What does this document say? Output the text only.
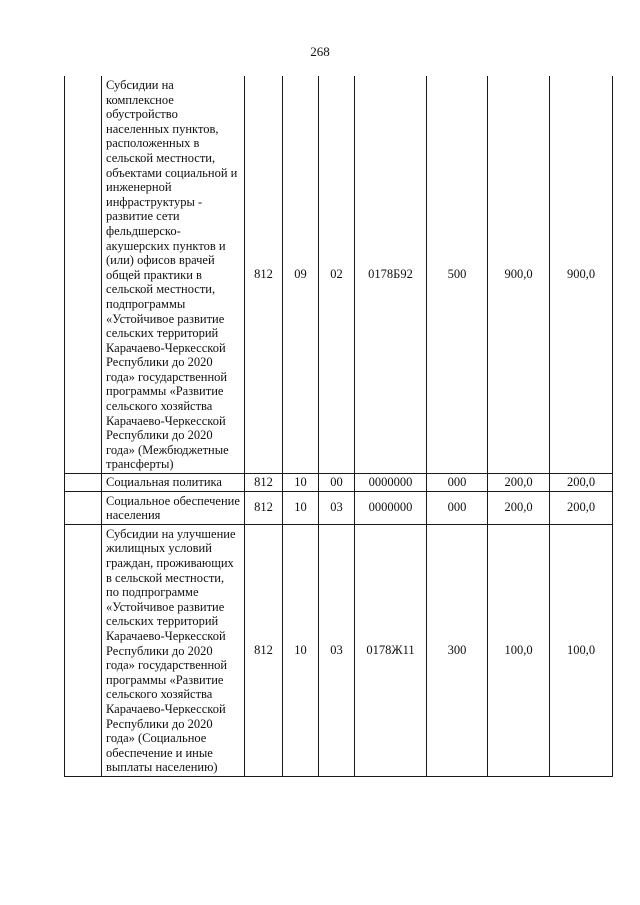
268
	Субсидии на комплексное обустройство населенных пунктов, расположенных в сельской местности, объектами социальной и инженерной инфраструктуры - развитие сети фельдшерско-акушерских пунктов и (или) офисов врачей общей практики в сельской местности, подпрограммы «Устойчивое развитие сельских территорий Карачаево-Черкесской Республики до 2020 года» государственной программы «Развитие сельского хозяйства Карачаево-Черкесской Республики до 2020 года» (Межбюджетные трансферты)	812	09	02	0178Б92	500	900,0	900,0
	Социальная политика	812	10	00	0000000	000	200,0	200,0
	Социальное обеспечение населения	812	10	03	0000000	000	200,0	200,0
	Субсидии на улучшение жилищных условий граждан, проживающих в сельской местности, по подпрограмме «Устойчивое развитие сельских территорий Карачаево-Черкесской Республики до 2020 года» государственной программы «Развитие сельского хозяйства Карачаево-Черкесской Республики до 2020 года» (Социальное обеспечение и иные выплаты населению)	812	10	03	0178Ж11	300	100,0	100,0
